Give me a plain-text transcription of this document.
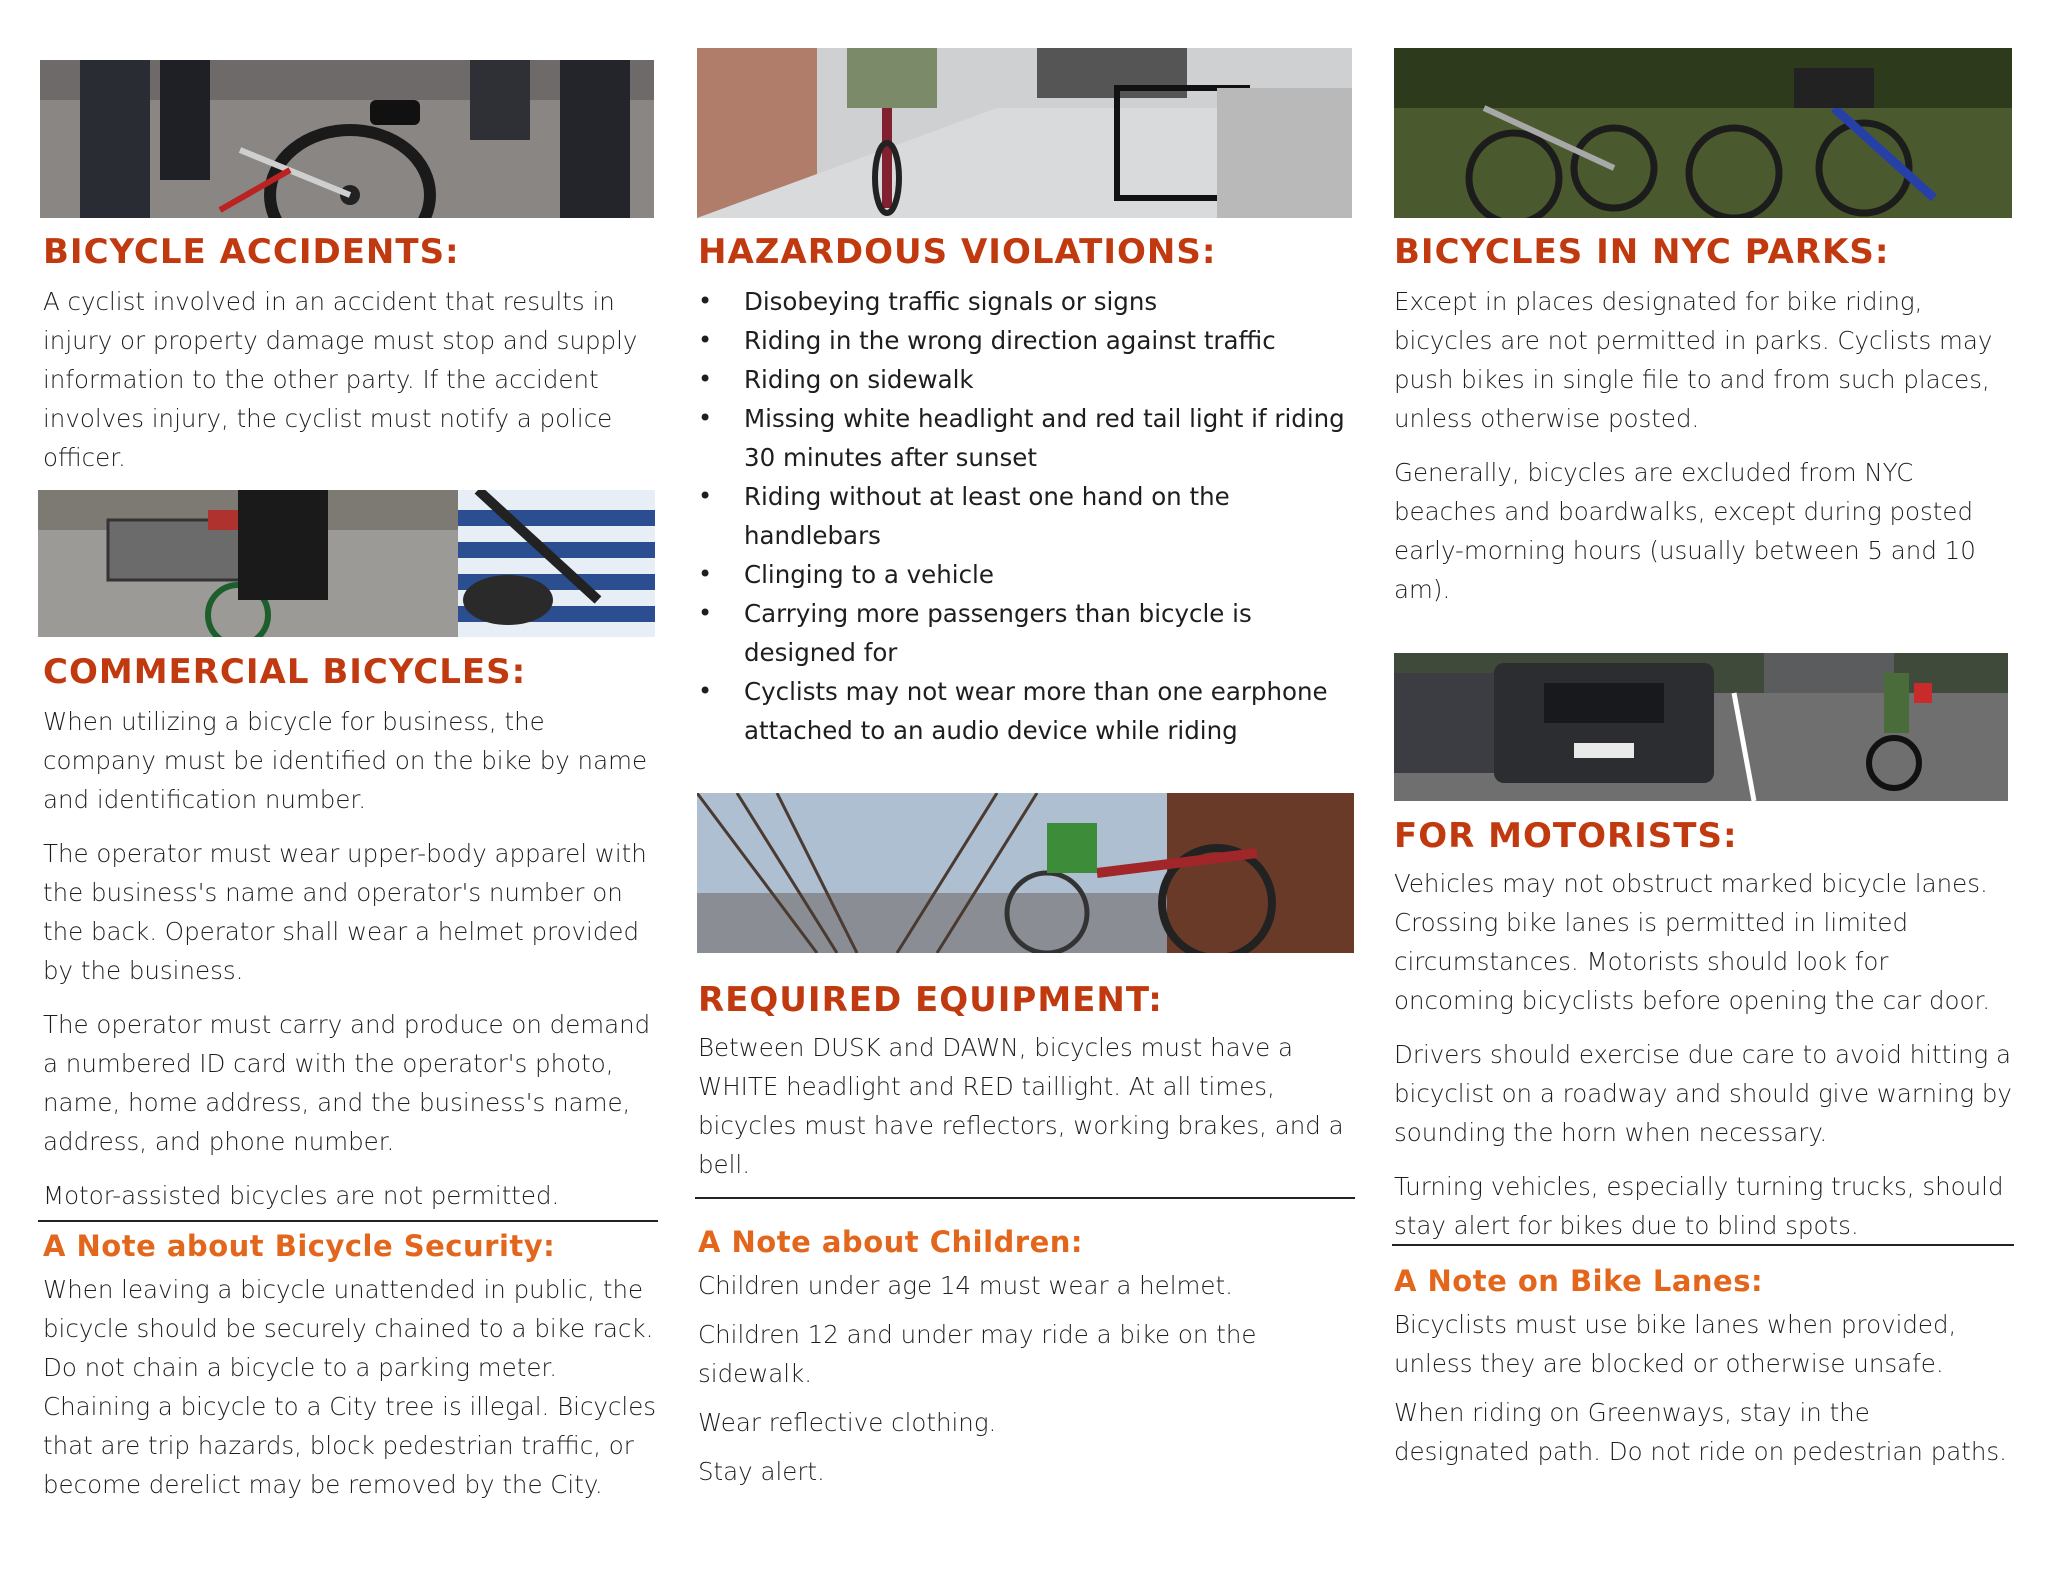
BICYCLE ACCIDENTS:

A cyclist involved in an accident that results in injury or property damage must stop and supply information to the other party. If the accident involves injury, the cyclist must notify a police officer.

COMMERCIAL BICYCLES:

When utilizing a bicycle for business, the company must be identified on the bike by name and identification number.

The operator must wear upper-body apparel with the business's name and operator's number on the back. Operator shall wear a helmet provided by the business.

The operator must carry and produce on demand a numbered ID card with the operator's photo, name, home address, and the business's name, address, and phone number.

Motor-assisted bicycles are not permitted.

A Note about Bicycle Security:

When leaving a bicycle unattended in public, the bicycle should be securely chained to a bike rack. Do not chain a bicycle to a parking meter. Chaining a bicycle to a City tree is illegal. Bicycles that are trip hazards, block pedestrian traffic, or become derelict may be removed by the City.

HAZARDOUS VIOLATIONS:
• Disobeying traffic signals or signs
• Riding in the wrong direction against traffic
• Riding on sidewalk
• Missing white headlight and red tail light if riding 30 minutes after sunset
• Riding without at least one hand on the handlebars
• Clinging to a vehicle
• Carrying more passengers than bicycle is designed for
• Cyclists may not wear more than one earphone attached to an audio device while riding
REQUIRED EQUIPMENT:

Between DUSK and DAWN, bicycles must have a WHITE headlight and RED taillight. At all times, bicycles must have reflectors, working brakes, and a bell.

A Note about Children:

Children under age 14 must wear a helmet.

Children 12 and under may ride a bike on the sidewalk.

Wear reflective clothing.

Stay alert.

BICYCLES IN NYC PARKS:

Except in places designated for bike riding, bicycles are not permitted in parks. Cyclists may push bikes in single file to and from such places, unless otherwise posted.

Generally, bicycles are excluded from NYC beaches and boardwalks, except during posted early-morning hours (usually between 5 and 10 am).

FOR MOTORISTS:

Vehicles may not obstruct marked bicycle lanes. Crossing bike lanes is permitted in limited circumstances. Motorists should look for oncoming bicyclists before opening the car door.

Drivers should exercise due care to avoid hitting a bicyclist on a roadway and should give warning by sounding the horn when necessary.

Turning vehicles, especially turning trucks, should stay alert for bikes due to blind spots.

A Note on Bike Lanes:

Bicyclists must use bike lanes when provided, unless they are blocked or otherwise unsafe.

When riding on Greenways, stay in the designated path. Do not ride on pedestrian paths.
